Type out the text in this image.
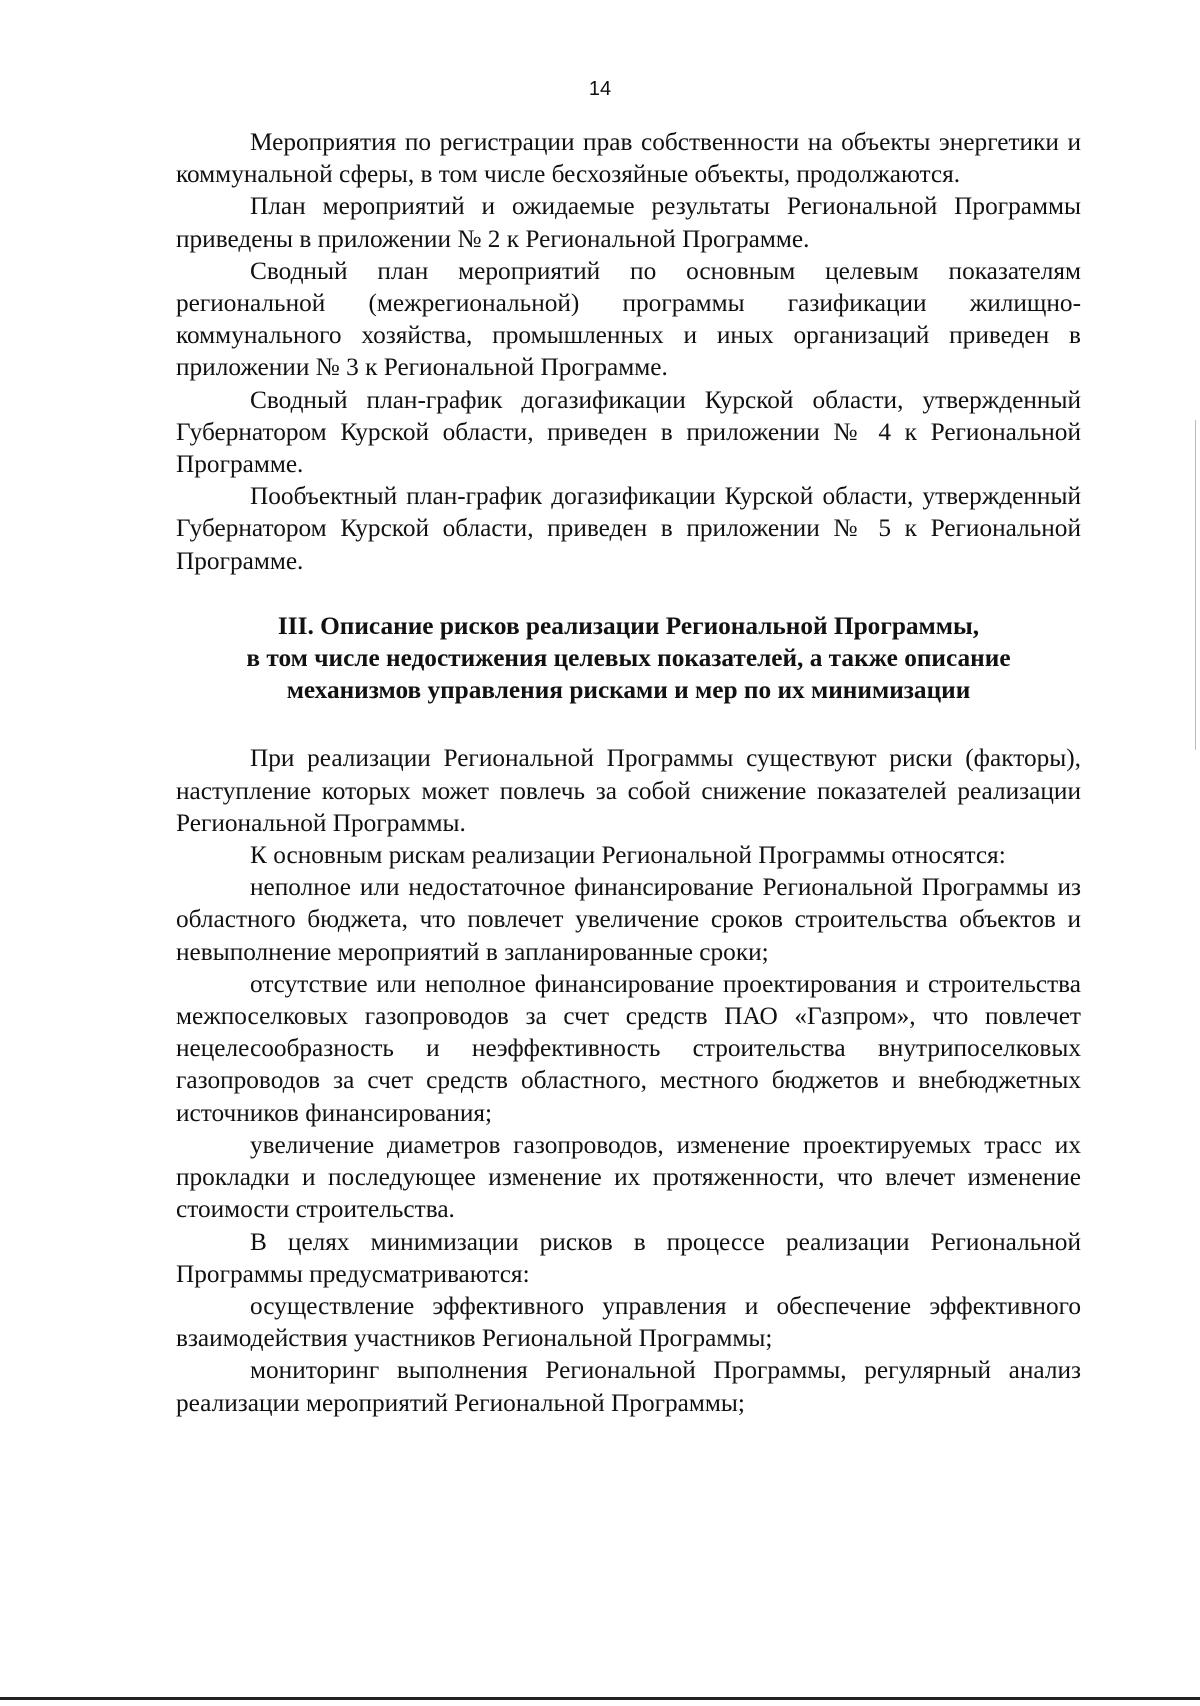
14

Мероприятия по регистрации прав собственности на объекты энергетики и коммунальной сферы, в том числе бесхозяйные объекты, продолжаются.

План мероприятий и ожидаемые результаты Региональной Программы приведены в приложении № 2 к Региональной Программе.

Сводный план мероприятий по основным целевым показателям региональной (межрегиональной) программы газификации жилищно-коммунального хозяйства, промышленных и иных организаций приведен в приложении № 3 к Региональной Программе.

Сводный план-график догазификации Курской области, утвержденный Губернатором Курской области, приведен в приложении № 4 к Региональной Программе.

Пообъектный план-график догазификации Курской области, утвержденный Губернатором Курской области, приведен в приложении № 5 к Региональной Программе.

III. Описание рисков реализации Региональной Программы,
в том числе недостижения целевых показателей, а также описание
механизмов управления рисками и мер по их минимизации

При реализации Региональной Программы существуют риски (факторы), наступление которых может повлечь за собой снижение показателей реализации Региональной Программы.

К основным рискам реализации Региональной Программы относятся:

неполное или недостаточное финансирование Региональной Программы из областного бюджета, что повлечет увеличение сроков строительства объектов и невыполнение мероприятий в запланированные сроки;

отсутствие или неполное финансирование проектирования и строительства межпоселковых газопроводов за счет средств ПАО «Газпром», что повлечет нецелесообразность и неэффективность строительства внутрипоселковых газопроводов за счет средств областного, местного бюджетов и внебюджетных источников финансирования;

увеличение диаметров газопроводов, изменение проектируемых трасс их прокладки и последующее изменение их протяженности, что влечет изменение стоимости строительства.

В целях минимизации рисков в процессе реализации Региональной Программы предусматриваются:

осуществление эффективного управления и обеспечение эффективного взаимодействия участников Региональной Программы;

мониторинг выполнения Региональной Программы, регулярный анализ реализации мероприятий Региональной Программы;
